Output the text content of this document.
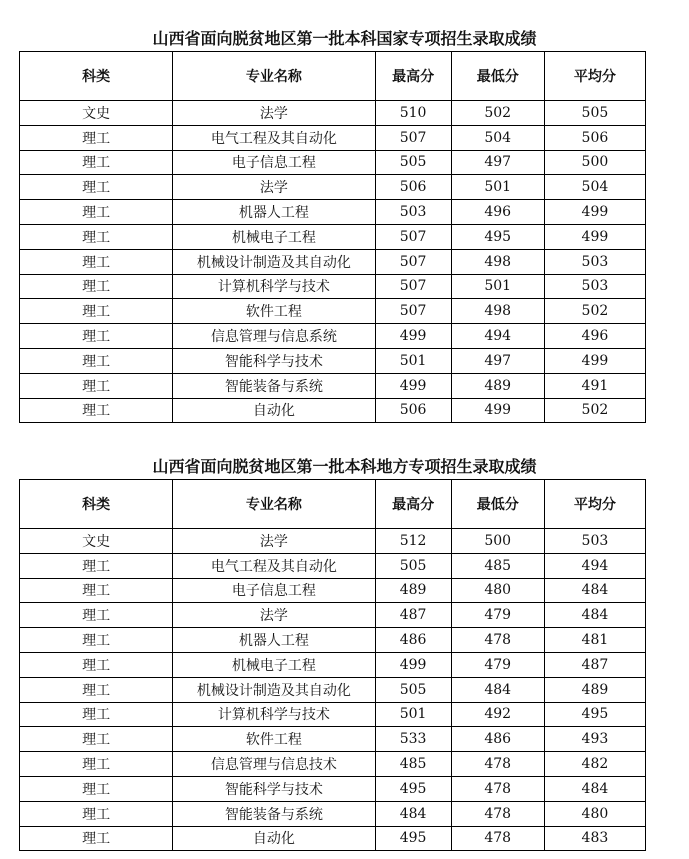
山西省面向脱贫地区第一批本科国家专项招生录取成绩
科类	专业名称	最高分	最低分	平均分
文史	法学	510	502	505
理工	电气工程及其自动化	507	504	506
理工	电子信息工程	505	497	500
理工	法学	506	501	504
理工	机器人工程	503	496	499
理工	机械电子工程	507	495	499
理工	机械设计制造及其自动化	507	498	503
理工	计算机科学与技术	507	501	503
理工	软件工程	507	498	502
理工	信息管理与信息系统	499	494	496
理工	智能科学与技术	501	497	499
理工	智能装备与系统	499	489	491
理工	自动化	506	499	502
山西省面向脱贫地区第一批本科地方专项招生录取成绩
科类	专业名称	最高分	最低分	平均分
文史	法学	512	500	503
理工	电气工程及其自动化	505	485	494
理工	电子信息工程	489	480	484
理工	法学	487	479	484
理工	机器人工程	486	478	481
理工	机械电子工程	499	479	487
理工	机械设计制造及其自动化	505	484	489
理工	计算机科学与技术	501	492	495
理工	软件工程	533	486	493
理工	信息管理与信息技术	485	478	482
理工	智能科学与技术	495	478	484
理工	智能装备与系统	484	478	480
理工	自动化	495	478	483
